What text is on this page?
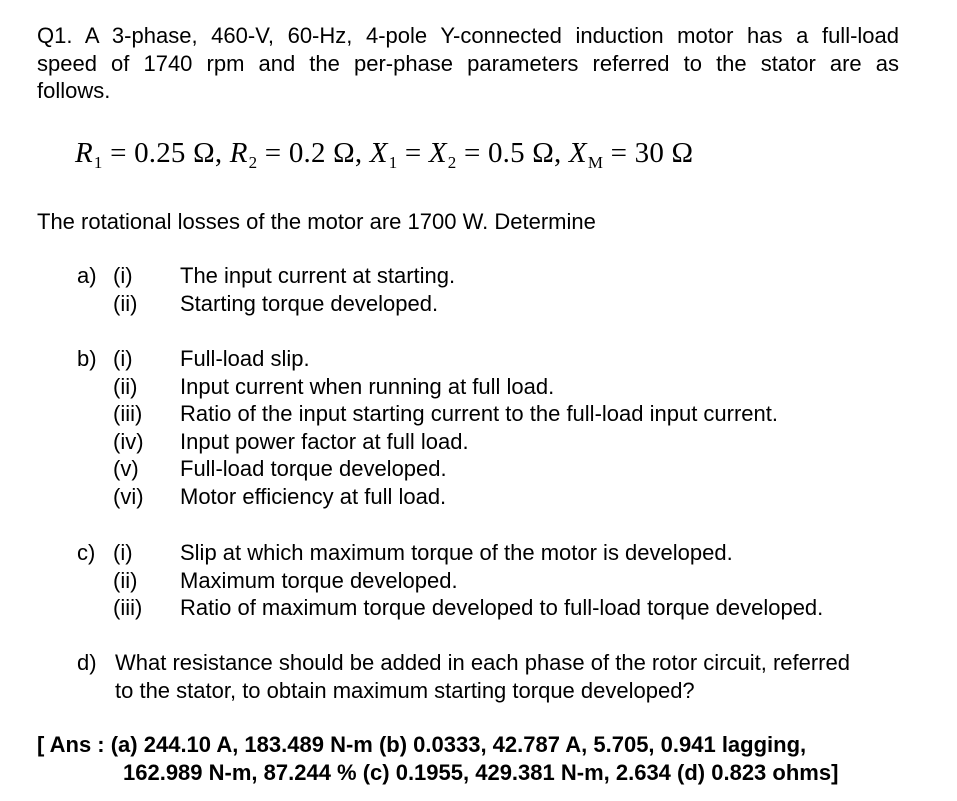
Q1. A 3-phase, 460-V, 60-Hz, 4-pole Y-connected induction motor has a full-load
speed of 1740 rpm and the per-phase parameters referred to the stator are as
follows.
$R_1 = 0.25$ Ω, $R_2 = 0.2$ Ω, $X_1 = X_2 = 0.5$ Ω, $X_M = 30$ Ω
The rotational losses of the motor are 1700 W. Determine
a) (i) The input current at starting.
(ii) Starting torque developed.
b) (i) Full-load slip.
(ii) Input current when running at full load.
(iii) Ratio of the input starting current to the full-load input current.
(iv) Input power factor at full load.
(v) Full-load torque developed.
(vi) Motor efficiency at full load.
c) (i) Slip at which maximum torque of the motor is developed.
(ii) Maximum torque developed.
(iii) Ratio of maximum torque developed to full-load torque developed.
d) What resistance should be added in each phase of the rotor circuit, referred
to the stator, to obtain maximum starting torque developed?
[ Ans : (a) 244.10 A, 183.489 N-m (b) 0.0333, 42.787 A, 5.705, 0.941 lagging,
162.989 N-m, 87.244 % (c) 0.1955, 429.381 N-m, 2.634 (d) 0.823 ohms]
